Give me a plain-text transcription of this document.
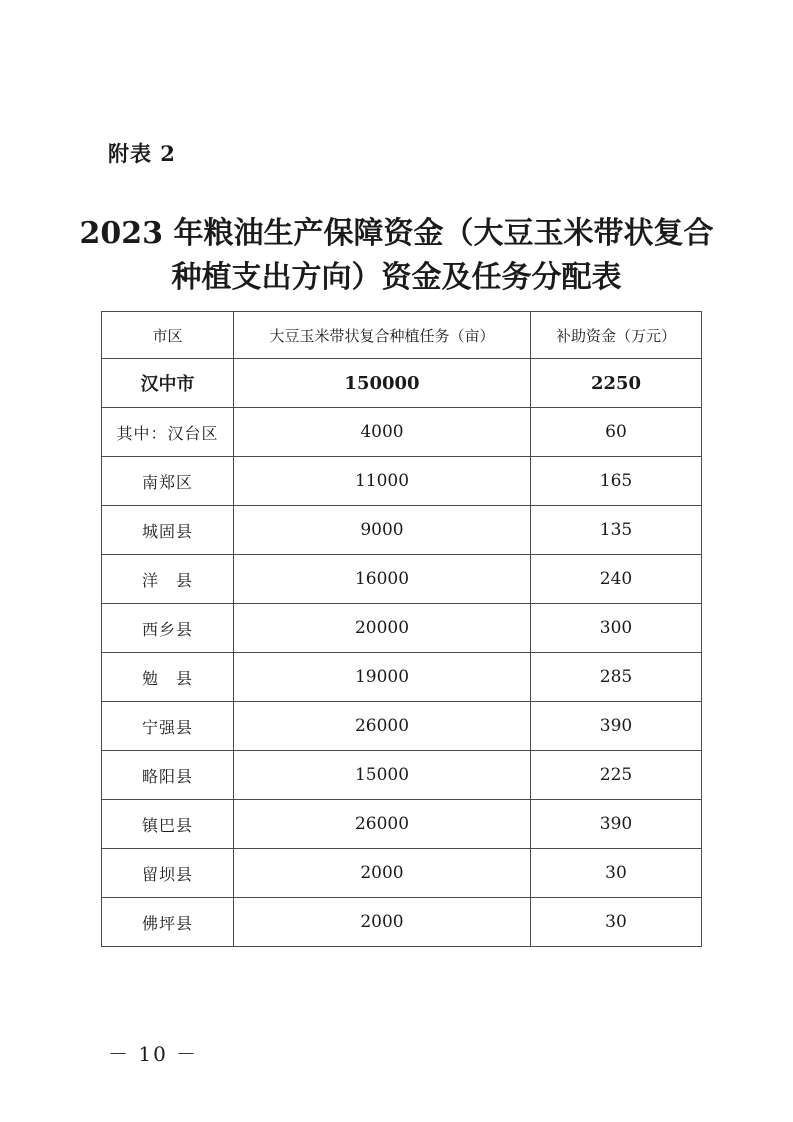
附表 2
2023 年粮油生产保障资金（大豆玉米带状复合
种植支出方向）资金及任务分配表
市区	大豆玉米带状复合种植任务（亩）	补助资金（万元）
汉中市	150000	2250
其中：汉台区	4000	60
南郑区	11000	165
城固县	9000	135
洋　县	16000	240
西乡县	20000	300
勉　县	19000	285
宁强县	26000	390
略阳县	15000	225
镇巴县	26000	390
留坝县	2000	30
佛坪县	2000	30
－ 10 －
